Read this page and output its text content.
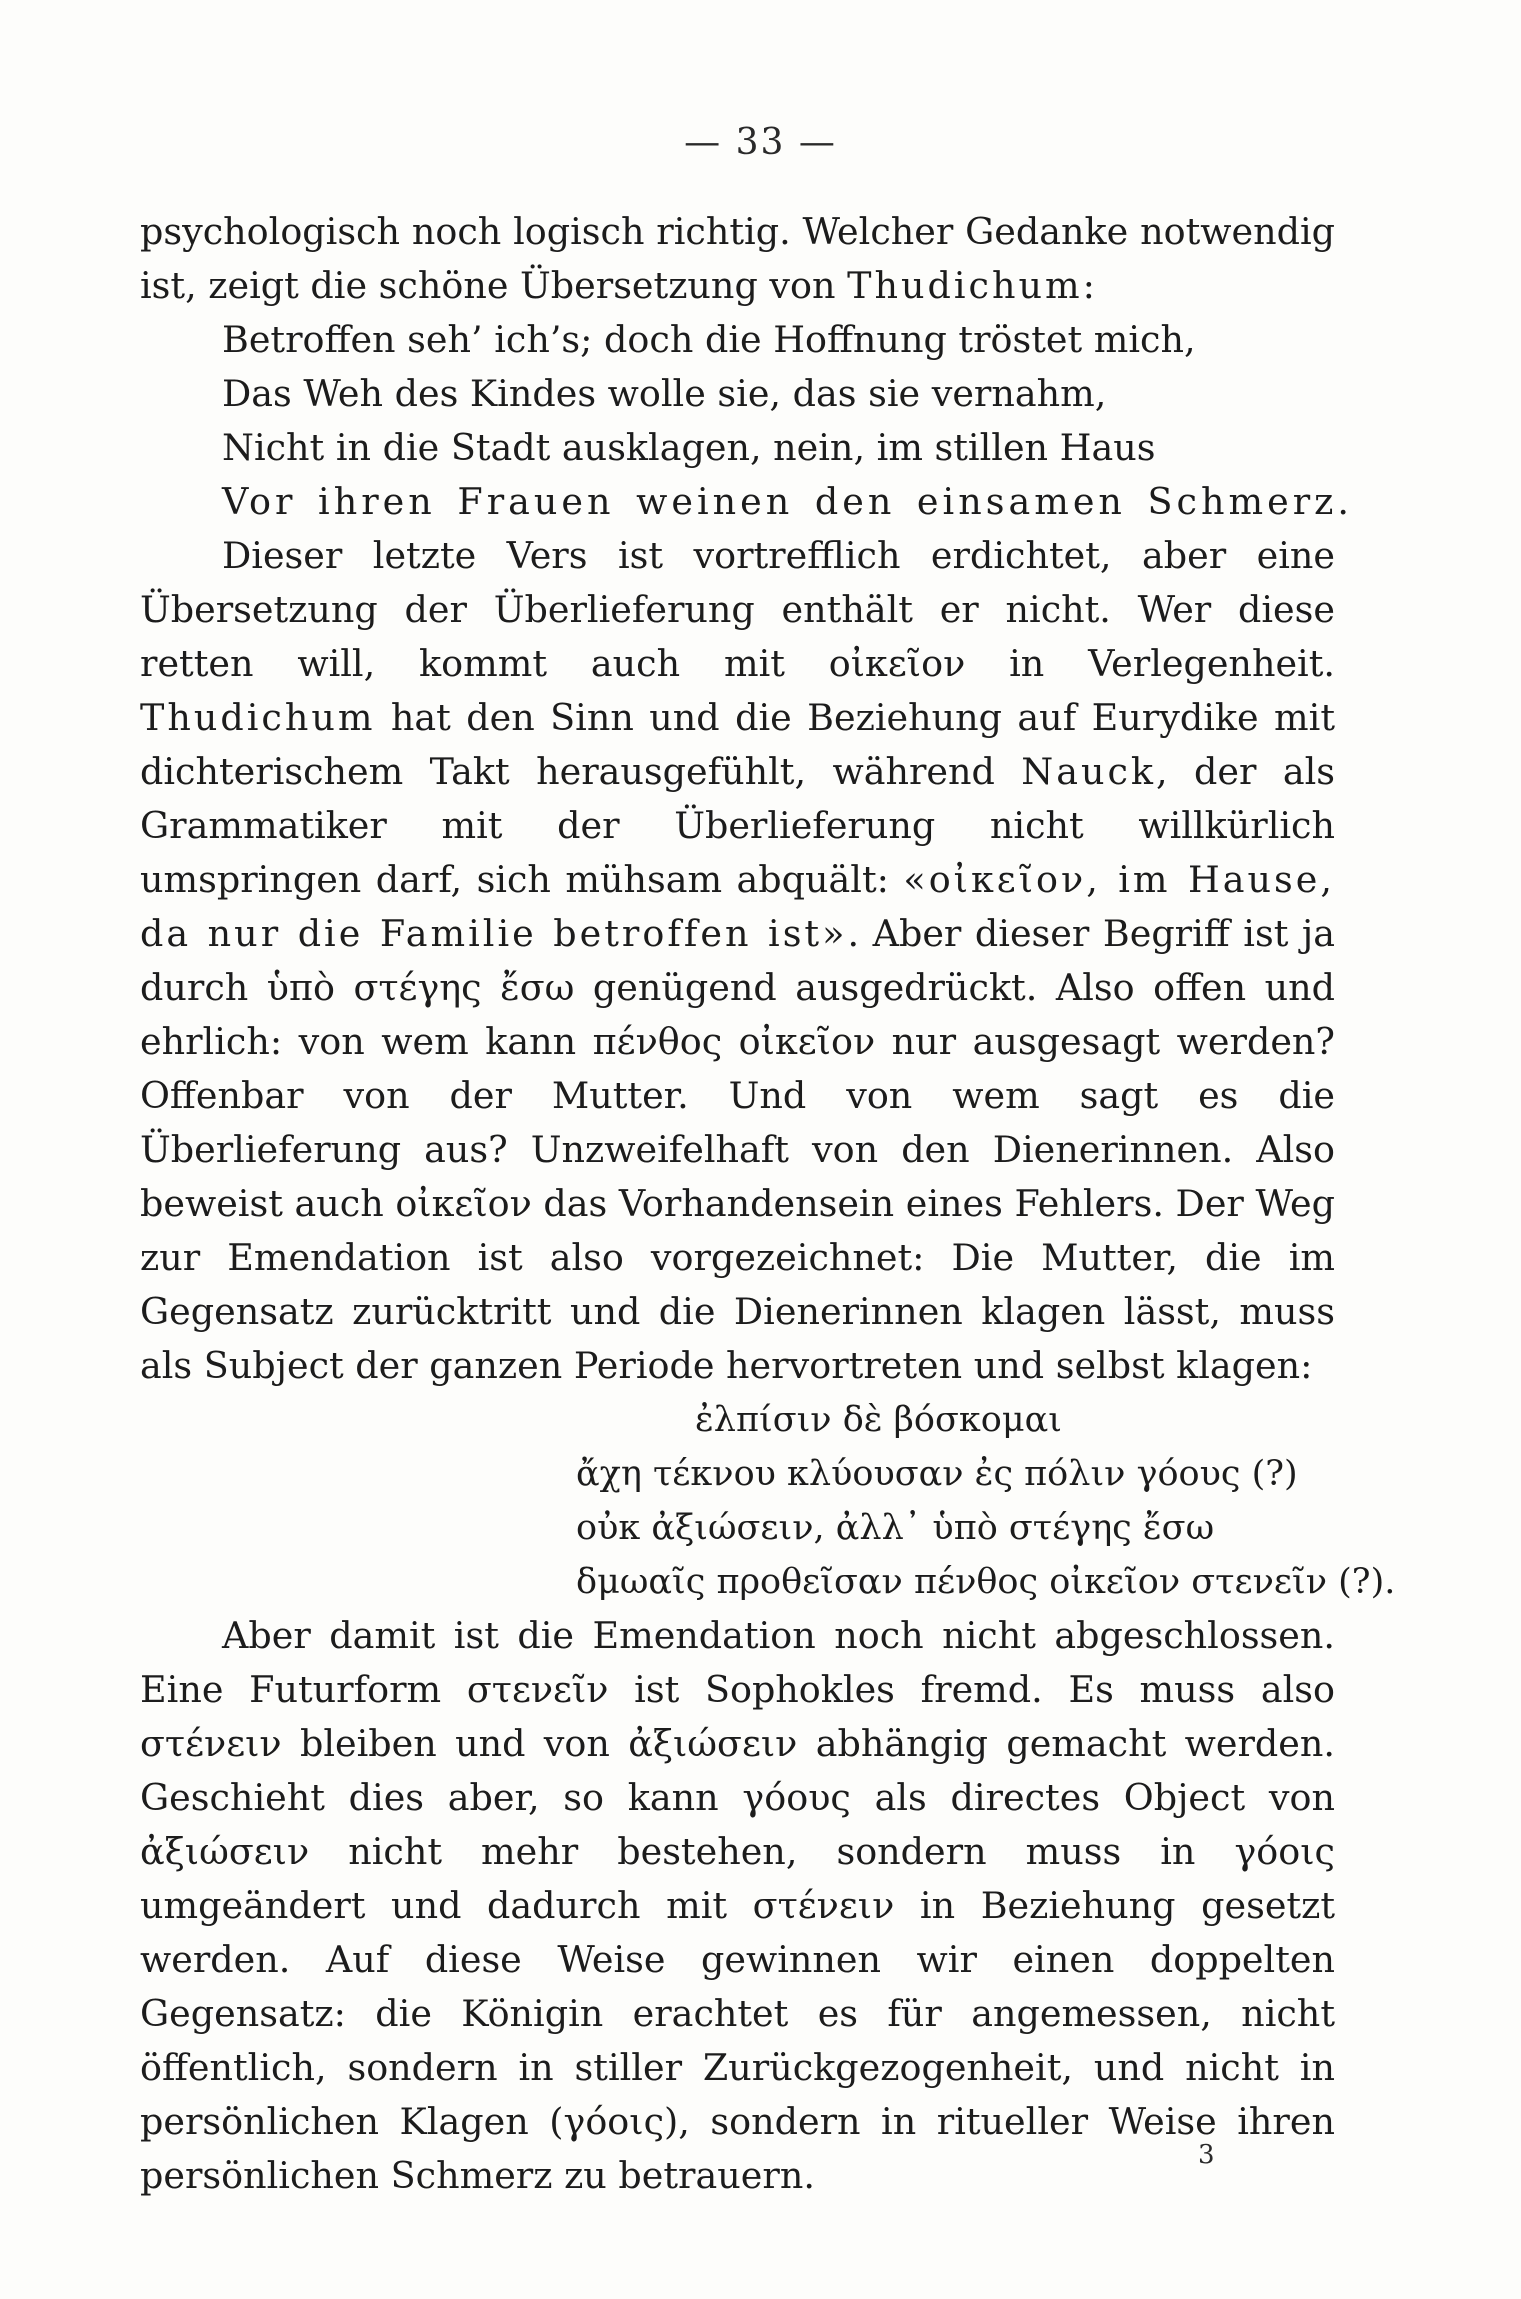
— 33 —

psychologisch noch logisch richtig. Welcher Gedanke notwendig ist, zeigt die schöne Übersetzung von Thudichum:

Betroffen seh’ ich’s; doch die Hoffnung tröstet mich,
Das Weh des Kindes wolle sie, das sie vernahm,
Nicht in die Stadt ausklagen, nein, im stillen Haus
Vor ihren Frauen weinen den einsamen Schmerz.

Dieser letzte Vers ist vortrefflich erdichtet, aber eine Übersetzung der Überlieferung enthält er nicht. Wer diese retten will, kommt auch mit οἰκεῖον in Verlegenheit. Thudichum hat den Sinn und die Beziehung auf Eurydike mit dichterischem Takt herausgefühlt, während Nauck, der als Grammatiker mit der Überlieferung nicht willkürlich umspringen darf, sich mühsam abquält: «οἰκεῖον, im Hause, da nur die Familie betroffen ist». Aber dieser Begriff ist ja durch ὑπὸ στέγης ἔσω genügend ausgedrückt. Also offen und ehrlich: von wem kann πένθος οἰκεῖον nur ausgesagt werden? Offenbar von der Mutter. Und von wem sagt es die Überlieferung aus? Unzweifelhaft von den Dienerinnen. Also beweist auch οἰκεῖον das Vorhandensein eines Fehlers. Der Weg zur Emendation ist also vorgezeichnet: Die Mutter, die im Gegensatz zurücktritt und die Dienerinnen klagen lässt, muss als Subject der ganzen Periode hervortreten und selbst klagen:

ἐλπίσιν δὲ βόσκομαι
ἄχη τέκνου κλύουσαν ἐς πόλιν γόους (?)
οὐκ ἀξιώσειν, ἀλλ᾿ ὑπὸ στέγης ἔσω
δμωαῖς προθεῖσαν πένθος οἰκεῖον στενεῖν (?).

Aber damit ist die Emendation noch nicht abgeschlossen. Eine Futurform στενεῖν ist Sophokles fremd. Es muss also στένειν bleiben und von ἀξιώσειν abhängig gemacht werden. Geschieht dies aber, so kann γόους als directes Object von ἀξιώσειν nicht mehr bestehen, sondern muss in γόοις umgeändert und dadurch mit στένειν in Beziehung gesetzt werden. Auf diese Weise gewinnen wir einen doppelten Gegensatz: die Königin erachtet es für angemessen, nicht öffentlich, sondern in stiller Zurückgezogenheit, und nicht in persönlichen Klagen (γόοις), sondern in ritueller Weise ihren persönlichen Schmerz zu betrauern.	3
